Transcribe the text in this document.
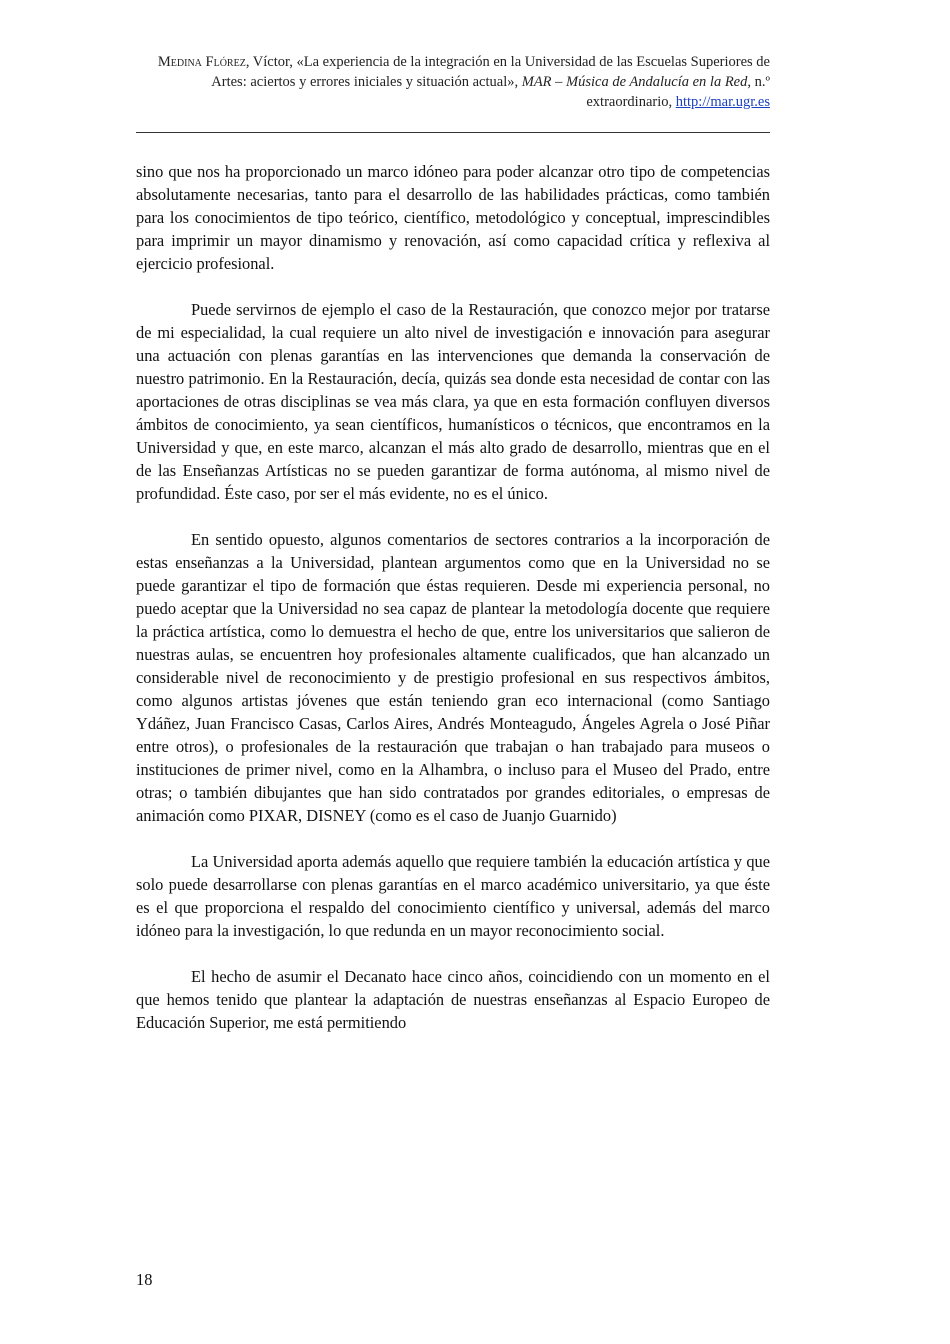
Medina Flórez, Víctor, «La experiencia de la integración en la Universidad de las Escuelas Superiores de Artes: aciertos y errores iniciales y situación actual», MAR – Música de Andalucía en la Red, n.º extraordinario, http://mar.ugr.es

sino que nos ha proporcionado un marco idóneo para poder alcanzar otro tipo de competencias absolutamente necesarias, tanto para el desarrollo de las habilidades prácticas, como también para los conocimientos de tipo teórico, científico, metodológico y conceptual, imprescindibles para imprimir un mayor dinamismo y renovación, así como capacidad crítica y reflexiva al ejercicio profesional.

Puede servirnos de ejemplo el caso de la Restauración, que conozco mejor por tratarse de mi especialidad, la cual requiere un alto nivel de investigación e innovación para asegurar una actuación con plenas garantías en las intervenciones que demanda la conservación de nuestro patrimonio. En la Restauración, decía, quizás sea donde esta necesidad de contar con las aportaciones de otras disciplinas se vea más clara, ya que en esta formación confluyen diversos ámbitos de conocimiento, ya sean científicos, humanísticos o técnicos, que encontramos en la Universidad y que, en este marco, alcanzan el más alto grado de desarrollo, mientras que en el de las Enseñanzas Artísticas no se pueden garantizar de forma autónoma, al mismo nivel de profundidad. Éste caso, por ser el más evidente, no es el único.

En sentido opuesto, algunos comentarios de sectores contrarios a la incorporación de estas enseñanzas a la Universidad, plantean argumentos como que en la Universidad no se puede garantizar el tipo de formación que éstas requieren. Desde mi experiencia personal, no puedo aceptar que la Universidad no sea capaz de plantear la metodología docente que requiere la práctica artística, como lo demuestra el hecho de que, entre los universitarios que salieron de nuestras aulas, se encuentren hoy profesionales altamente cualificados, que han alcanzado un considerable nivel de reconocimiento y de prestigio profesional en sus respectivos ámbitos, como algunos artistas jóvenes que están teniendo gran eco internacional (como Santiago Ydáñez, Juan Francisco Casas, Carlos Aires, Andrés Monteagudo, Ángeles Agrela o José Piñar entre otros), o profesionales de la restauración que trabajan o han trabajado para museos o instituciones de primer nivel, como en la Alhambra, o incluso para el Museo del Prado, entre otras; o también dibujantes que han sido contratados por grandes editoriales, o empresas de animación como PIXAR, DISNEY (como es el caso de Juanjo Guarnido)

La Universidad aporta además aquello que requiere también la educación artística y que solo puede desarrollarse con plenas garantías en el marco académico universitario, ya que éste es el que proporciona el respaldo del conocimiento científico y universal, además del marco idóneo para la investigación, lo que redunda en un mayor reconocimiento social.

El hecho de asumir el Decanato hace cinco años, coincidiendo con un momento en el que hemos tenido que plantear la adaptación de nuestras enseñanzas al Espacio Europeo de Educación Superior, me está permitiendo

18
